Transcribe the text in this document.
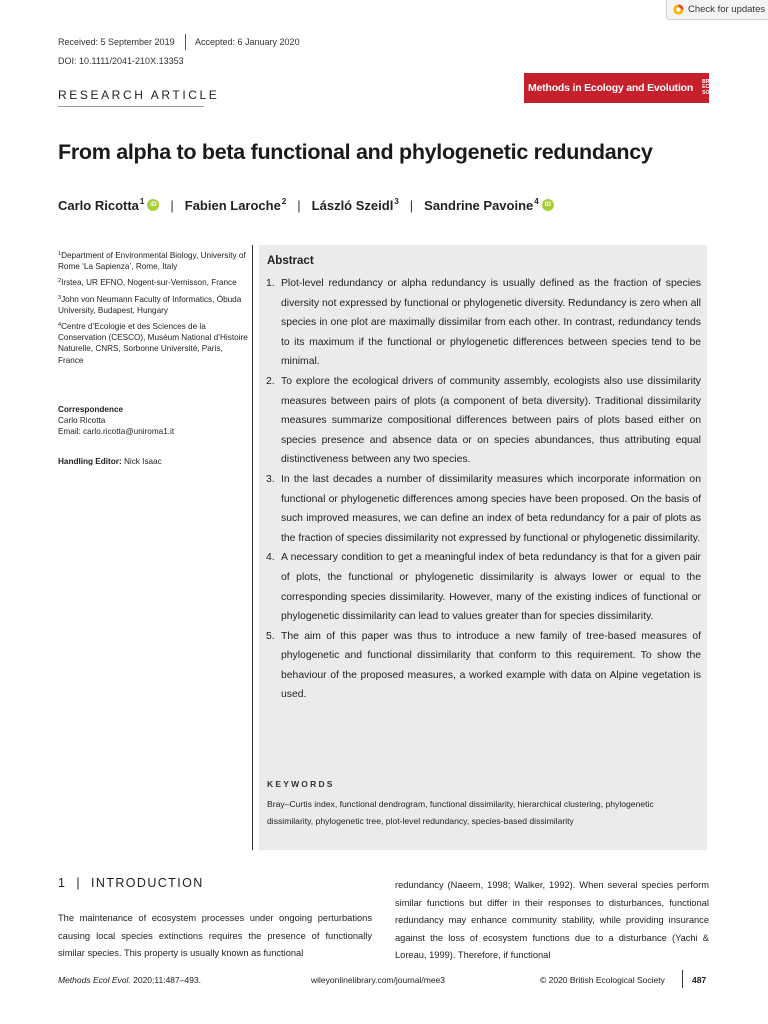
Check for updates
Received: 5 September 2019 Accepted: 6 January 2020
DOI: 10.1111/2041-210X.13353
RESEARCH ARTICLE	Methods in Ecology and Evolution
BRITISH
ECOLOGICAL
SOCIETY
From alpha to beta functional and phylogenetic redundancy
Carlo Ricotta$^1$ iD | Fabien Laroche$^2$ | László Szeidl$^3$ | Sandrine Pavoine$^4$ iD

$^1$Department of Environmental Biology, University of Rome ‘La Sapienza’, Rome, Italy

$^2$Irstea, UR EFNO, Nogent-sur-Vernisson, France

$^3$John von Neumann Faculty of Informatics, Óbuda University, Budapest, Hungary

$^4$Centre d’Ecologie et des Sciences de la Conservation (CESCO), Muséum National d’Histoire Naturelle, CNRS, Sorbonne Université, Paris, France

Correspondence
Carlo Ricotta
Email: carlo.ricotta@uniroma1.it
Handling Editor: Nick Isaac
Abstract
1. Plot-level redundancy or alpha redundancy is usually defined as the fraction of species diversity not expressed by functional or phylogenetic diversity. Redundancy is zero when all species in one plot are maximally dissimilar from each other. In contrast, redundancy tends to its maximum if the functional or phylogenetic differences between species tend to be minimal.
2. To explore the ecological drivers of community assembly, ecologists also use dissimilarity measures between pairs of plots (a component of beta diversity). Traditional dissimilarity measures summarize compositional differences between pairs of plots based either on species presence and absence data or on species abundances, thus attributing equal distinctiveness between any two species.
3. In the last decades a number of dissimilarity measures which incorporate information on functional or phylogenetic differences among species have been proposed. On the basis of such improved measures, we can define an index of beta redundancy for a pair of plots as the fraction of species dissimilarity not expressed by functional or phylogenetic dissimilarity.
4. A necessary condition to get a meaningful index of beta redundancy is that for a given pair of plots, the functional or phylogenetic dissimilarity is always lower or equal to the corresponding species dissimilarity. However, many of the existing indices of functional or phylogenetic dissimilarity can lead to values greater than for species dissimilarity.
5. The aim of this paper was thus to introduce a new family of tree-based measures of phylogenetic and functional dissimilarity that conform to this requirement. To show the behaviour of the proposed measures, a worked example with data on Alpine vegetation is used.
KEYWORDS
Bray–Curtis index, functional dendrogram, functional dissimilarity, hierarchical clustering, phylogenetic dissimilarity, phylogenetic tree, plot-level redundancy, species-based dissimilarity
1 | INTRODUCTION
The maintenance of ecosystem processes under ongoing perturbations causing local species extinctions requires the presence of functionally similar species. This property is usually known as functional
redundancy (Naeem, 1998; Walker, 1992). When several species perform similar functions but differ in their responses to disturbances, functional redundancy may enhance community stability, while providing insurance against the loss of ecosystem functions due to a disturbance (Yachi & Loreau, 1999). Therefore, if functional
Methods Ecol Evol. 2020;11:487–493.	wileyonlinelibrary.com/journal/mee3	© 2020 British Ecological Society	487
